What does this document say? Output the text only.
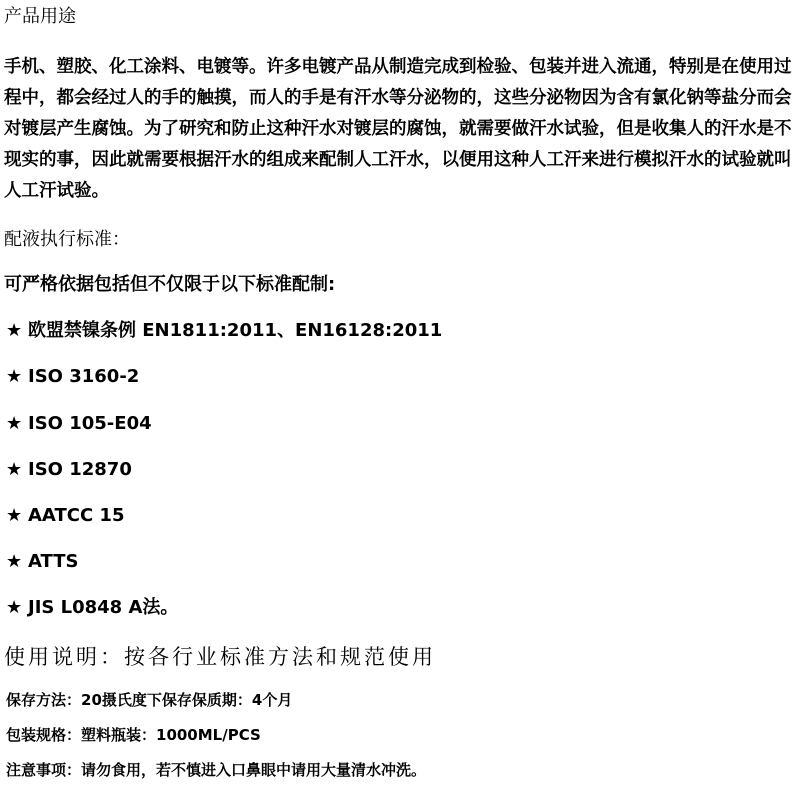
产品用途
手机、塑胶、化工涂料、电镀等。许多电镀产品从制造完成到检验、包装并进入流通，特别是在使用过
程中，都会经过人的手的触摸，而人的手是有汗水等分泌物的，这些分泌物因为含有氯化钠等盐分而会
对镀层产生腐蚀。为了研究和防止这种汗水对镀层的腐蚀，就需要做汗水试验，但是收集人的汗水是不
现实的事，因此就需要根据汗水的组成来配制人工汗水，以便用这种人工汗来进行模拟汗水的试验就叫
人工汗试验。
配液执行标准：
可严格依据包括但不仅限于以下标准配制:
★ 欧盟禁镍条例 EN1811:2011、EN16128:2011
★ ISO 3160-2
★ ISO 105-E04
★ ISO 12870
★ AATCC 15
★ ATTS
★ JIS L0848 A法。
使用说明：按各行业标准方法和规范使用
保存方法：20摄氏度下保存保质期：4个月
包装规格：塑料瓶装：1000ML/PCS
注意事项：请勿食用，若不慎进入口鼻眼中请用大量清水冲洗。
